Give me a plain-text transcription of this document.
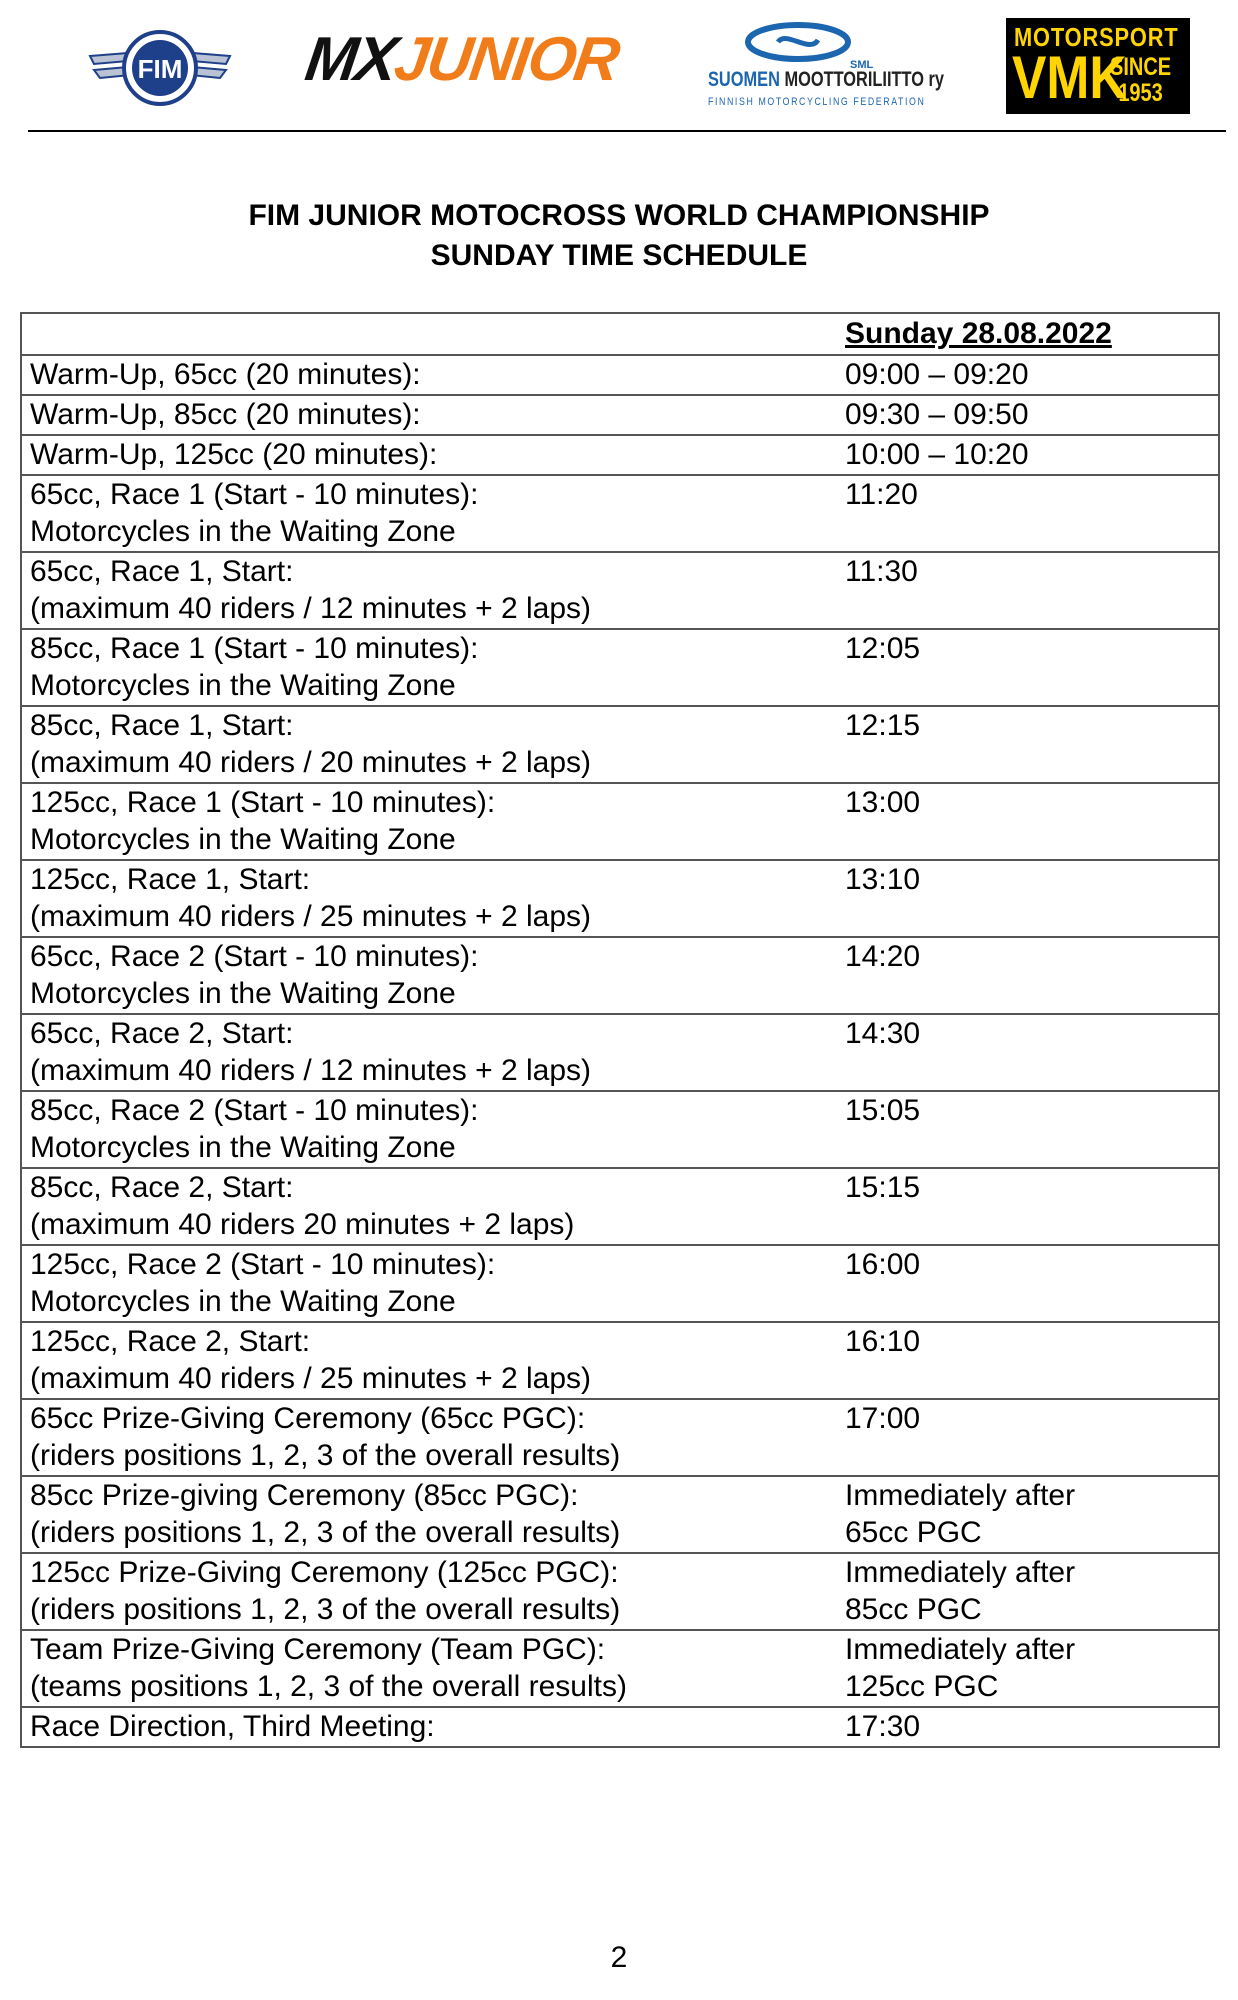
FIM MXJUNIOR	SML
SUOMEN MOOTTORILIITTO ry
FINNISH MOTORCYCLING FEDERATION
MOTORSPORT
VMK
SINCE
1953
FIM JUNIOR MOTOCROSS WORLD CHAMPIONSHIP
SUNDAY TIME SCHEDULE
	Sunday 28.08.2022

Warm-Up, 65cc (20 minutes):	09:00 – 09:20

Warm-Up, 85cc (20 minutes):	09:30 – 09:50

Warm-Up, 125cc (20 minutes):	10:00 – 10:20

65cc, Race 1 (Start - 10 minutes):
Motorcycles in the Waiting Zone	11:20

65cc, Race 1, Start:
(maximum 40 riders / 12 minutes + 2 laps)	11:30

85cc, Race 1 (Start - 10 minutes):
Motorcycles in the Waiting Zone	12:05

85cc, Race 1, Start:
(maximum 40 riders / 20 minutes + 2 laps)	12:15

125cc, Race 1 (Start - 10 minutes):
Motorcycles in the Waiting Zone	13:00

125cc, Race 1, Start:
(maximum 40 riders / 25 minutes + 2 laps)	13:10

65cc, Race 2 (Start - 10 minutes):
Motorcycles in the Waiting Zone	14:20

65cc, Race 2, Start:
(maximum 40 riders / 12 minutes + 2 laps)	14:30

85cc, Race 2 (Start - 10 minutes):
Motorcycles in the Waiting Zone	15:05

85cc, Race 2, Start:
(maximum 40 riders 20 minutes + 2 laps)	15:15

125cc, Race 2 (Start - 10 minutes):
Motorcycles in the Waiting Zone	16:00

125cc, Race 2, Start:
(maximum 40 riders / 25 minutes + 2 laps)	16:10

65cc Prize-Giving Ceremony (65cc PGC):
(riders positions 1, 2, 3 of the overall results)	17:00

85cc Prize-giving Ceremony (85cc PGC):
(riders positions 1, 2, 3 of the overall results)	Immediately after
65cc PGC

125cc Prize-Giving Ceremony (125cc PGC):
(riders positions 1, 2, 3 of the overall results)	Immediately after
85cc PGC

Team Prize-Giving Ceremony (Team PGC):
(teams positions 1, 2, 3 of the overall results)	Immediately after
125cc PGC

Race Direction, Third Meeting:	17:30
2
